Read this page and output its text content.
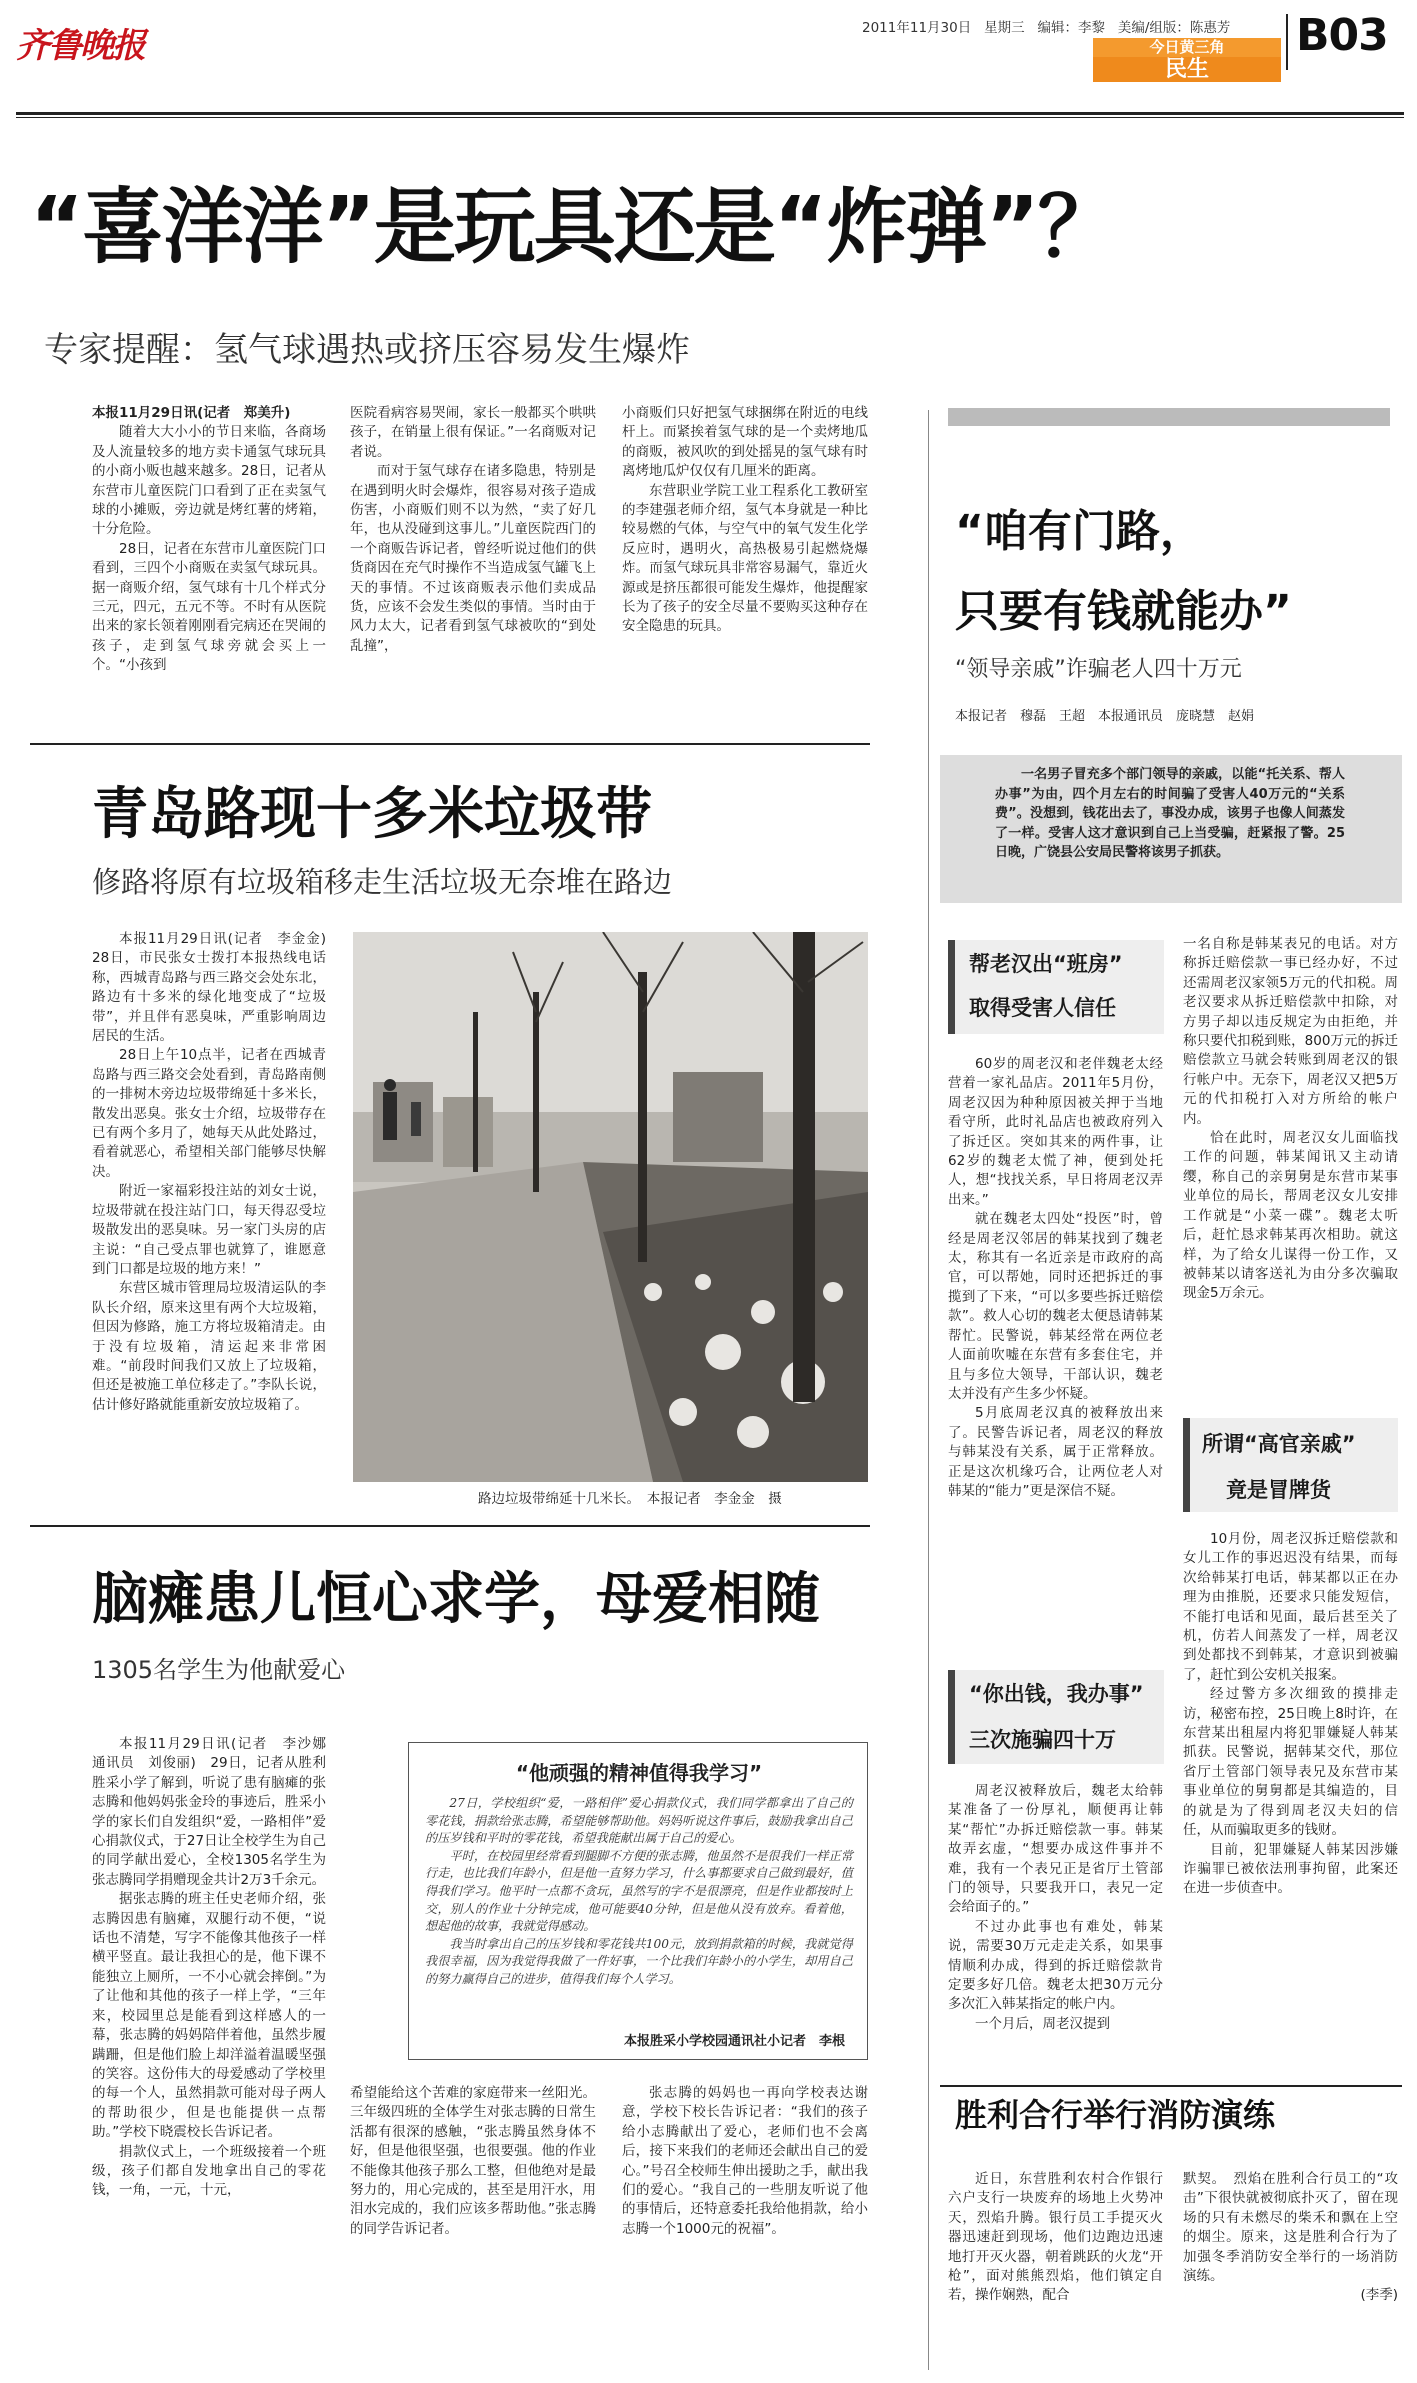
齐鲁晚报	2011年11月30日 星期三 编辑：李黎 美编/组版：陈惠芳
今日黄三角
民生
B03
“喜洋洋”是玩具还是“炸弹”？
专家提醒：氢气球遇热或挤压容易发生爆炸

本报11月29日讯(记者　郑美升)

随着大大小小的节日来临，各商场及人流量较多的地方卖卡通氢气球玩具的小商小贩也越来越多。28日，记者从东营市儿童医院门口看到了正在卖氢气球的小摊贩，旁边就是烤红薯的烤箱，十分危险。

28日，记者在东营市儿童医院门口看到，三四个小商贩在卖氢气球玩具。据一商贩介绍，氢气球有十几个样式分三元，四元，五元不等。不时有从医院出来的家长领着刚刚看完病还在哭闹的孩子，走到氢气球旁就会买上一个。“小孩到

医院看病容易哭闹，家长一般都买个哄哄孩子，在销量上很有保证。”一名商贩对记者说。

而对于氢气球存在诸多隐患，特别是在遇到明火时会爆炸，很容易对孩子造成伤害，小商贩们则不以为然，“卖了好几年，也从没碰到这事儿。”儿童医院西门的一个商贩告诉记者，曾经听说过他们的供货商因在充气时操作不当造成氢气罐飞上天的事情。不过该商贩表示他们卖成品货，应该不会发生类似的事情。当时由于风力太大，记者看到氢气球被吹的“到处乱撞”，

小商贩们只好把氢气球捆绑在附近的电线杆上。而紧挨着氢气球的是一个卖烤地瓜的商贩，被风吹的到处摇晃的氢气球有时离烤地瓜炉仅仅有几厘米的距离。

东营职业学院工业工程系化工教研室的李建强老师介绍，氢气本身就是一种比较易燃的气体，与空气中的氧气发生化学反应时，遇明火，高热极易引起燃烧爆炸。而氢气球玩具非常容易漏气，靠近火源或是挤压都很可能发生爆炸，他提醒家长为了孩子的安全尽量不要购买这种存在安全隐患的玩具。

青岛路现十多米垃圾带
修路将原有垃圾箱移走生活垃圾无奈堆在路边

本报11月29日讯(记者　李金金)　28日，市民张女士拨打本报热线电话称，西城青岛路与西三路交会处东北，路边有十多米的绿化地变成了“垃圾带”，并且伴有恶臭味，严重影响周边居民的生活。

28日上午10点半，记者在西城青岛路与西三路交会处看到，青岛路南侧的一排树木旁边垃圾带绵延十多米长，散发出恶臭。张女士介绍，垃圾带存在已有两个多月了，她每天从此处路过，看着就恶心，希望相关部门能够尽快解决。

附近一家福彩投注站的刘女士说，垃圾带就在投注站门口，每天得忍受垃圾散发出的恶臭味。另一家门头房的店主说：“自己受点罪也就算了，谁愿意到门口都是垃圾的地方来！”

东营区城市管理局垃圾清运队的李队长介绍，原来这里有两个大垃圾箱，但因为修路，施工方将垃圾箱清走。由于没有垃圾箱，清运起来非常困难。“前段时间我们又放上了垃圾箱，但还是被施工单位移走了。”李队长说，估计修好路就能重新安放垃圾箱了。

路边垃圾带绵延十几米长。　本报记者　李金金　摄
脑瘫患儿恒心求学，母爱相随
1305名学生为他献爱心

本报11月29日讯(记者　李沙娜　通讯员　刘俊丽)　29日，记者从胜利胜采小学了解到，听说了患有脑瘫的张志腾和他妈妈张金玲的事迹后，胜采小学的家长们自发组织“爱，一路相伴”爱心捐款仪式，于27日让全校学生为自己的同学献出爱心，全校1305名学生为张志腾同学捐赠现金共计2万3千余元。

据张志腾的班主任史老师介绍，张志腾因患有脑瘫，双腿行动不便，“说话也不清楚，写字不能像其他孩子一样横平竖直。最让我担心的是，他下课不能独立上厕所，一不小心就会摔倒。”为了让他和其他的孩子一样上学，“三年来，校园里总是能看到这样感人的一幕，张志腾的妈妈陪伴着他，虽然步履蹒跚，但是他们脸上却洋溢着温暖坚强的笑容。这份伟大的母爱感动了学校里的每一个人，虽然捐款可能对母子两人的帮助很少，但是也能提供一点帮助。”学校下晓震校长告诉记者。

捐款仪式上，一个班级接着一个班级，孩子们都自发地拿出自己的零花钱，一角，一元，十元，

“他顽强的精神值得我学习”

27日，学校组织“爱，一路相伴”爱心捐款仪式，我们同学都拿出了自己的零花钱，捐款给张志腾，希望能够帮助他。妈妈听说这件事后，鼓励我拿出自己的压岁钱和平时的零花钱，希望我能献出属于自己的爱心。

平时，在校园里经常看到腿脚不方便的张志腾，他虽然不是很我们一样正常行走，也比我们年龄小，但是他一直努力学习，什么事都要求自己做到最好，值得我们学习。他平时一点都不贪玩，虽然写的字不是很漂亮，但是作业都按时上交，别人的作业十分钟完成，他可能要40分钟，但是他从没有放弃。看着他，想起他的故事，我就觉得感动。

我当时拿出自己的压岁钱和零花钱共100元，放到捐款箱的时候，我就觉得我很幸福，因为我觉得我做了一件好事，一个比我们年龄小的小学生，却用自己的努力赢得自己的进步，值得我们每个人学习。

本报胜采小学校园通讯社小记者　李根

希望能给这个苦难的家庭带来一丝阳光。三年级四班的全体学生对张志腾的日常生活都有很深的感触，“张志腾虽然身体不好，但是他很坚强，也很要强。他的作业不能像其他孩子那么工整，但他绝对是最努力的，用心完成的，甚至是用汗水，用泪水完成的，我们应该多帮助他。”张志腾的同学告诉记者。

张志腾的妈妈也一再向学校表达谢意，学校下校长告诉记者：“我们的孩子给小志腾献出了爱心，老师们也不会离后，接下来我们的老师还会献出自己的爱心。”号召全校师生伸出援助之手，献出我们的爱心。“我自己的一些朋友听说了他的事情后，还特意委托我给他捐款，给小志腾一个1000元的祝福”。

“咱有门路，
只要有钱就能办”
“领导亲戚”诈骗老人四十万元
本报记者　穆磊　王超　本报通讯员　庞晓慧　赵娟
一名男子冒充多个部门领导的亲戚，以能“托关系、帮人办事”为由，四个月左右的时间骗了受害人40万元的“关系费”。没想到，钱花出去了，事没办成，该男子也像人间蒸发了一样。受害人这才意识到自己上当受骗，赶紧报了警。25日晚，广饶县公安局民警将该男子抓获。
帮老汉出“班房”
取得受害人信任

60岁的周老汉和老伴魏老太经营着一家礼品店。2011年5月份，周老汉因为种种原因被关押于当地看守所，此时礼品店也被政府列入了拆迁区。突如其来的两件事，让62岁的魏老太慌了神，便到处托人，想“找找关系，早日将周老汉弄出来。”

就在魏老太四处“投医”时，曾经是周老汉邻居的韩某找到了魏老太，称其有一名近亲是市政府的高官，可以帮她，同时还把拆迁的事揽到了下来，“可以多要些拆迁赔偿款”。救人心切的魏老太便恳请韩某帮忙。民警说，韩某经常在两位老人面前吹嘘在东营有多套住宅，并且与多位大领导，干部认识，魏老太并没有产生多少怀疑。

5月底周老汉真的被释放出来了。民警告诉记者，周老汉的释放与韩某没有关系，属于正常释放。正是这次机缘巧合，让两位老人对韩某的“能力”更是深信不疑。

“你出钱，我办事”
三次施骗四十万

周老汉被释放后，魏老太给韩某准备了一份厚礼，顺便再让韩某“帮忙”办拆迁赔偿款一事。韩某故弄玄虚，“想要办成这件事并不难，我有一个表兄正是省厅土管部门的领导，只要我开口，表兄一定会给面子的。”

不过办此事也有难处，韩某说，需要30万元走走关系，如果事情顺利办成，得到的拆迁赔偿款肯定要多好几倍。魏老太把30万元分多次汇入韩某指定的帐户内。

一个月后，周老汉提到

一名自称是韩某表兄的电话。对方称拆迁赔偿款一事已经办好，不过还需周老汉家领5万元的代扣税。周老汉要求从拆迁赔偿款中扣除，对方男子却以违反规定为由拒绝，并称只要代扣税到账，800万元的拆迁赔偿款立马就会转账到周老汉的银行帐户中。无奈下，周老汉又把5万元的代扣税打入对方所给的帐户内。

恰在此时，周老汉女儿面临找工作的问题，韩某闻讯又主动请缨，称自己的亲舅舅是东营市某事业单位的局长，帮周老汉女儿安排工作就是“小菜一碟”。魏老太听后，赶忙恳求韩某再次相助。就这样，为了给女儿谋得一份工作，又被韩某以请客送礼为由分多次骗取现金5万余元。

所谓“高官亲戚”
竟是冒牌货

10月份，周老汉拆迁赔偿款和女儿工作的事迟迟没有结果，而每次给韩某打电话，韩某都以正在办理为由推脱，还要求只能发短信，不能打电话和见面，最后甚至关了机，仿若人间蒸发了一样，周老汉到处都找不到韩某，才意识到被骗了，赶忙到公安机关报案。

经过警方多次细致的摸排走访，秘密布控，25日晚上8时许，在东营某出租屋内将犯罪嫌疑人韩某抓获。民警说，据韩某交代，那位省厅土管部门领导表兄及东营市某事业单位的舅舅都是其编造的，目的就是为了得到周老汉夫妇的信任，从而骗取更多的钱财。

目前，犯罪嫌疑人韩某因涉嫌诈骗罪已被依法刑事拘留，此案还在进一步侦查中。

胜利合行举行消防演练

近日，东营胜利农村合作银行六户支行一块废弃的场地上火势冲天，烈焰升腾。银行员工手提灭火器迅速赶到现场，他们边跑边迅速地打开灭火器，朝着跳跃的火龙“开枪”，面对熊熊烈焰，他们镇定自若，操作娴熟，配合

默契。　烈焰在胜利合行员工的“攻击”下很快就被彻底扑灭了，留在现场的只有未燃尽的柴禾和飘在上空的烟尘。原来，这是胜利合行为了加强冬季消防安全举行的一场消防演练。

(李季)
